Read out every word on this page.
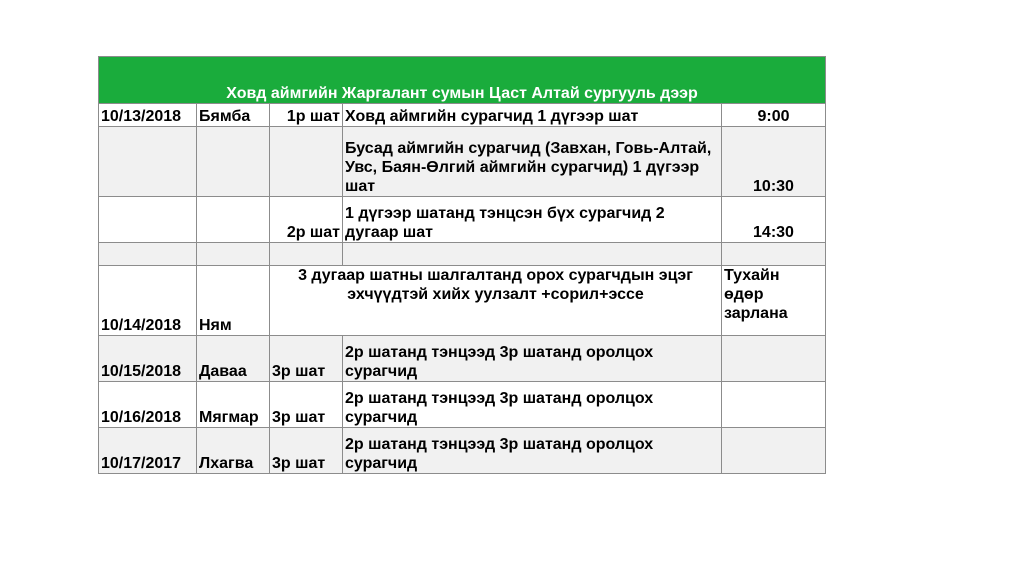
Ховд аймгийн Жаргалант сумын Цаст Алтай сургууль дээр				
10/13/2018	Бямба	1р шат	Ховд аймгийн сурагчид 1 дүгээр шат	9:00
			Бусад аймгийн сурагчид (Завхан, Говь-Алтай, Увс, Баян-Өлгий аймгийн сурагчид) 1 дүгээр шат	10:30
		2р шат	1 дүгээр шатанд тэнцсэн бүх сурагчид 2 дугаар шат	14:30

10/14/2018	Ням	3 дугаар шатны шалгалтанд орох сурагчдын эцэг эхчүүдтэй хийх уулзалт +сорил+эссе		Тухайн өдөр зарлана
10/15/2018	Даваа	3р шат	2р шатанд тэнцээд 3р шатанд оролцох сурагчид	
10/16/2018	Мягмар	3р шат	2р шатанд тэнцээд 3р шатанд оролцох сурагчид	
10/17/2017	Лхагва	3р шат	2р шатанд тэнцээд 3р шатанд оролцох сурагчид	
